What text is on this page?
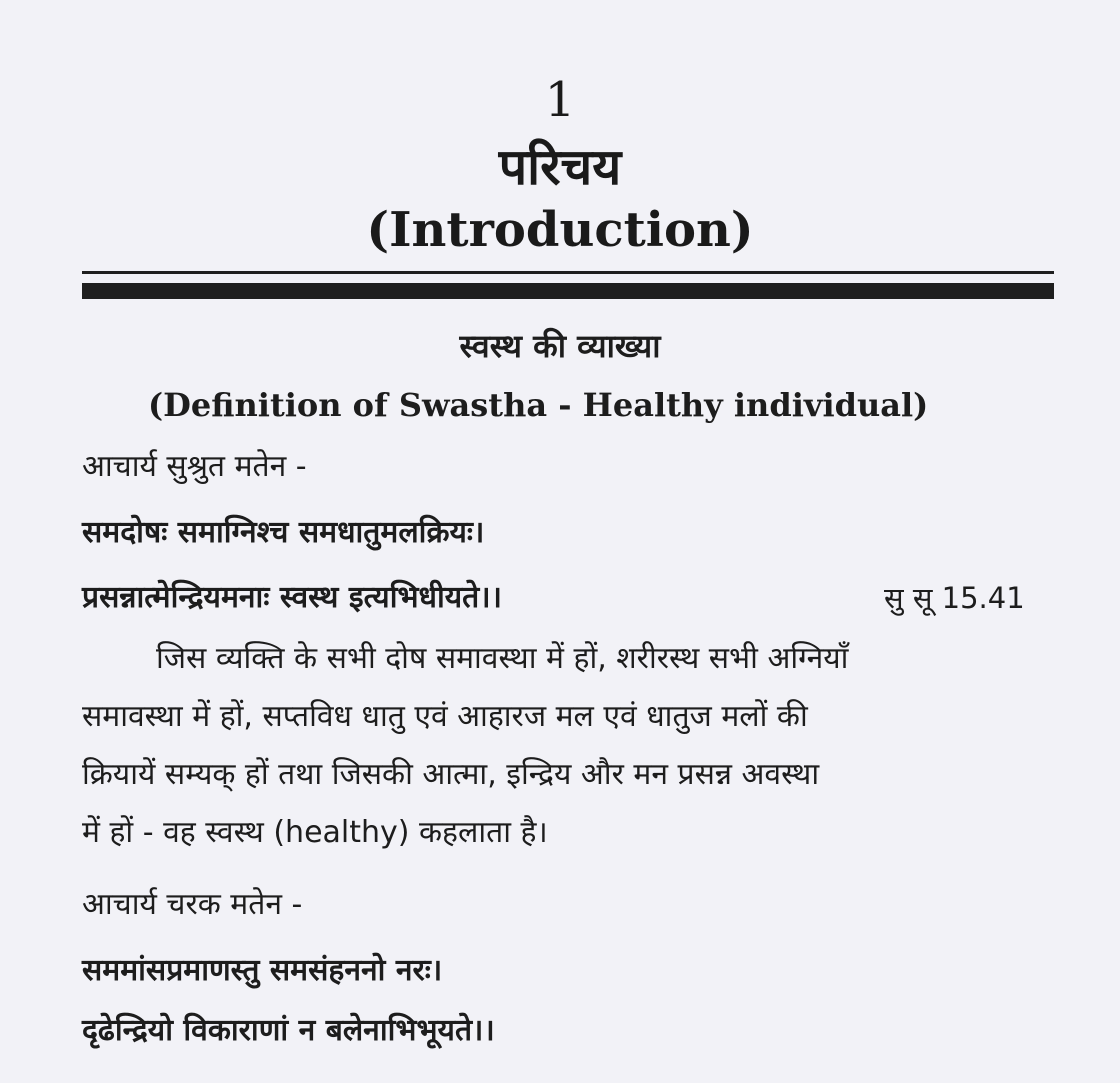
1
परिचय
(Introduction)
स्वस्थ की व्याख्या
(Definition of Swastha - Healthy individual)
आचार्य सुश्रुत मतेन -
समदोषः समाग्निश्च समधातुमलक्रियः।
प्रसन्नात्मेन्द्रियमनाः स्वस्थ इत्यभिधीयते।।	सु सू 15.41
जिस व्यक्ति के सभी दोष समावस्था में हों, शरीरस्थ सभी अग्नियाँ
समावस्था में हों, सप्तविध धातु एवं आहारज मल एवं धातुज मलों की
क्रियायें सम्यक् हों तथा जिसकी आत्मा, इन्द्रिय और मन प्रसन्न अवस्था
में हों - वह स्वस्थ (healthy) कहलाता है।
आचार्य चरक मतेन -
सममांसप्रमाणस्तु समसंहननो नरः।
दृढेन्द्रियो विकाराणां न बलेनाभिभूयते।।
